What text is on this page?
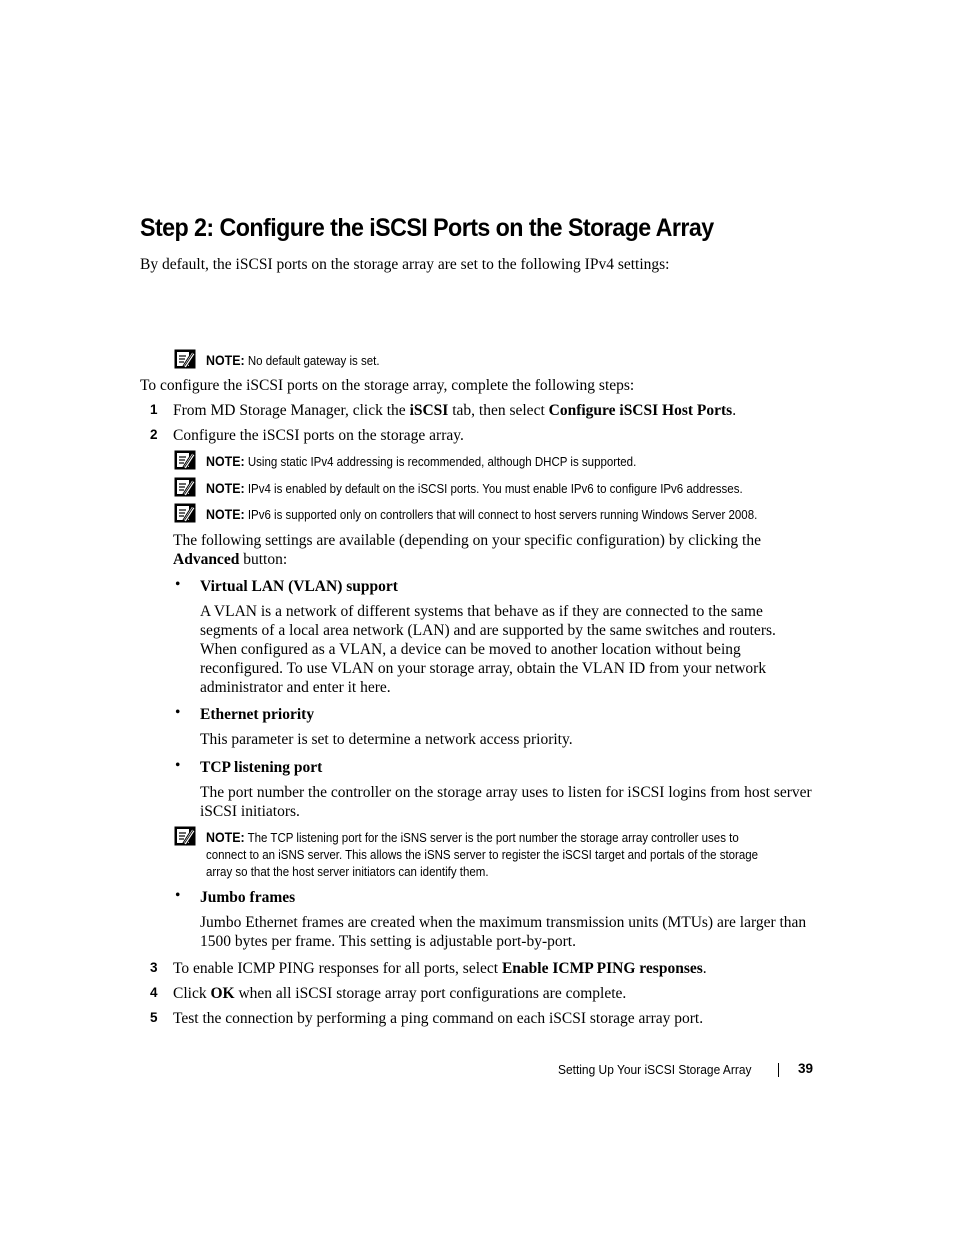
Step 2: Configure the iSCSI Ports on the Storage Array
By default, the iSCSI ports on the storage array are set to the following IPv4 settings:
NOTE: No default gateway is set.
To configure the iSCSI ports on the storage array, complete the following steps:
1 From MD Storage Manager, click the iSCSI tab, then select Configure iSCSI Host Ports.
2 Configure the iSCSI ports on the storage array.
NOTE: Using static IPv4 addressing is recommended, although DHCP is supported.
NOTE: IPv4 is enabled by default on the iSCSI ports. You must enable IPv6 to configure IPv6 addresses.
NOTE: IPv6 is supported only on controllers that will connect to host servers running Windows Server 2008.
The following settings are available (depending on your specific configuration) by clicking the
Advanced button:
• Virtual LAN (VLAN) support
A VLAN is a network of different systems that behave as if they are connected to the same
segments of a local area network (LAN) and are supported by the same switches and routers.
When configured as a VLAN, a device can be moved to another location without being
reconfigured. To use VLAN on your storage array, obtain the VLAN ID from your network
administrator and enter it here.
• Ethernet priority
This parameter is set to determine a network access priority.
• TCP listening port
The port number the controller on the storage array uses to listen for iSCSI logins from host server
iSCSI initiators.
NOTE: The TCP listening port for the iSNS server is the port number the storage array controller uses to
connect to an iSNS server. This allows the iSNS server to register the iSCSI target and portals of the storage
array so that the host server initiators can identify them.
• Jumbo frames
Jumbo Ethernet frames are created when the maximum transmission units (MTUs) are larger than
1500 bytes per frame. This setting is adjustable port-by-port.
3 To enable ICMP PING responses for all ports, select Enable ICMP PING responses.
4 Click OK when all iSCSI storage array port configurations are complete.
5 Test the connection by performing a ping command on each iSCSI storage array port.
Setting Up Your iSCSI Storage Array	39
